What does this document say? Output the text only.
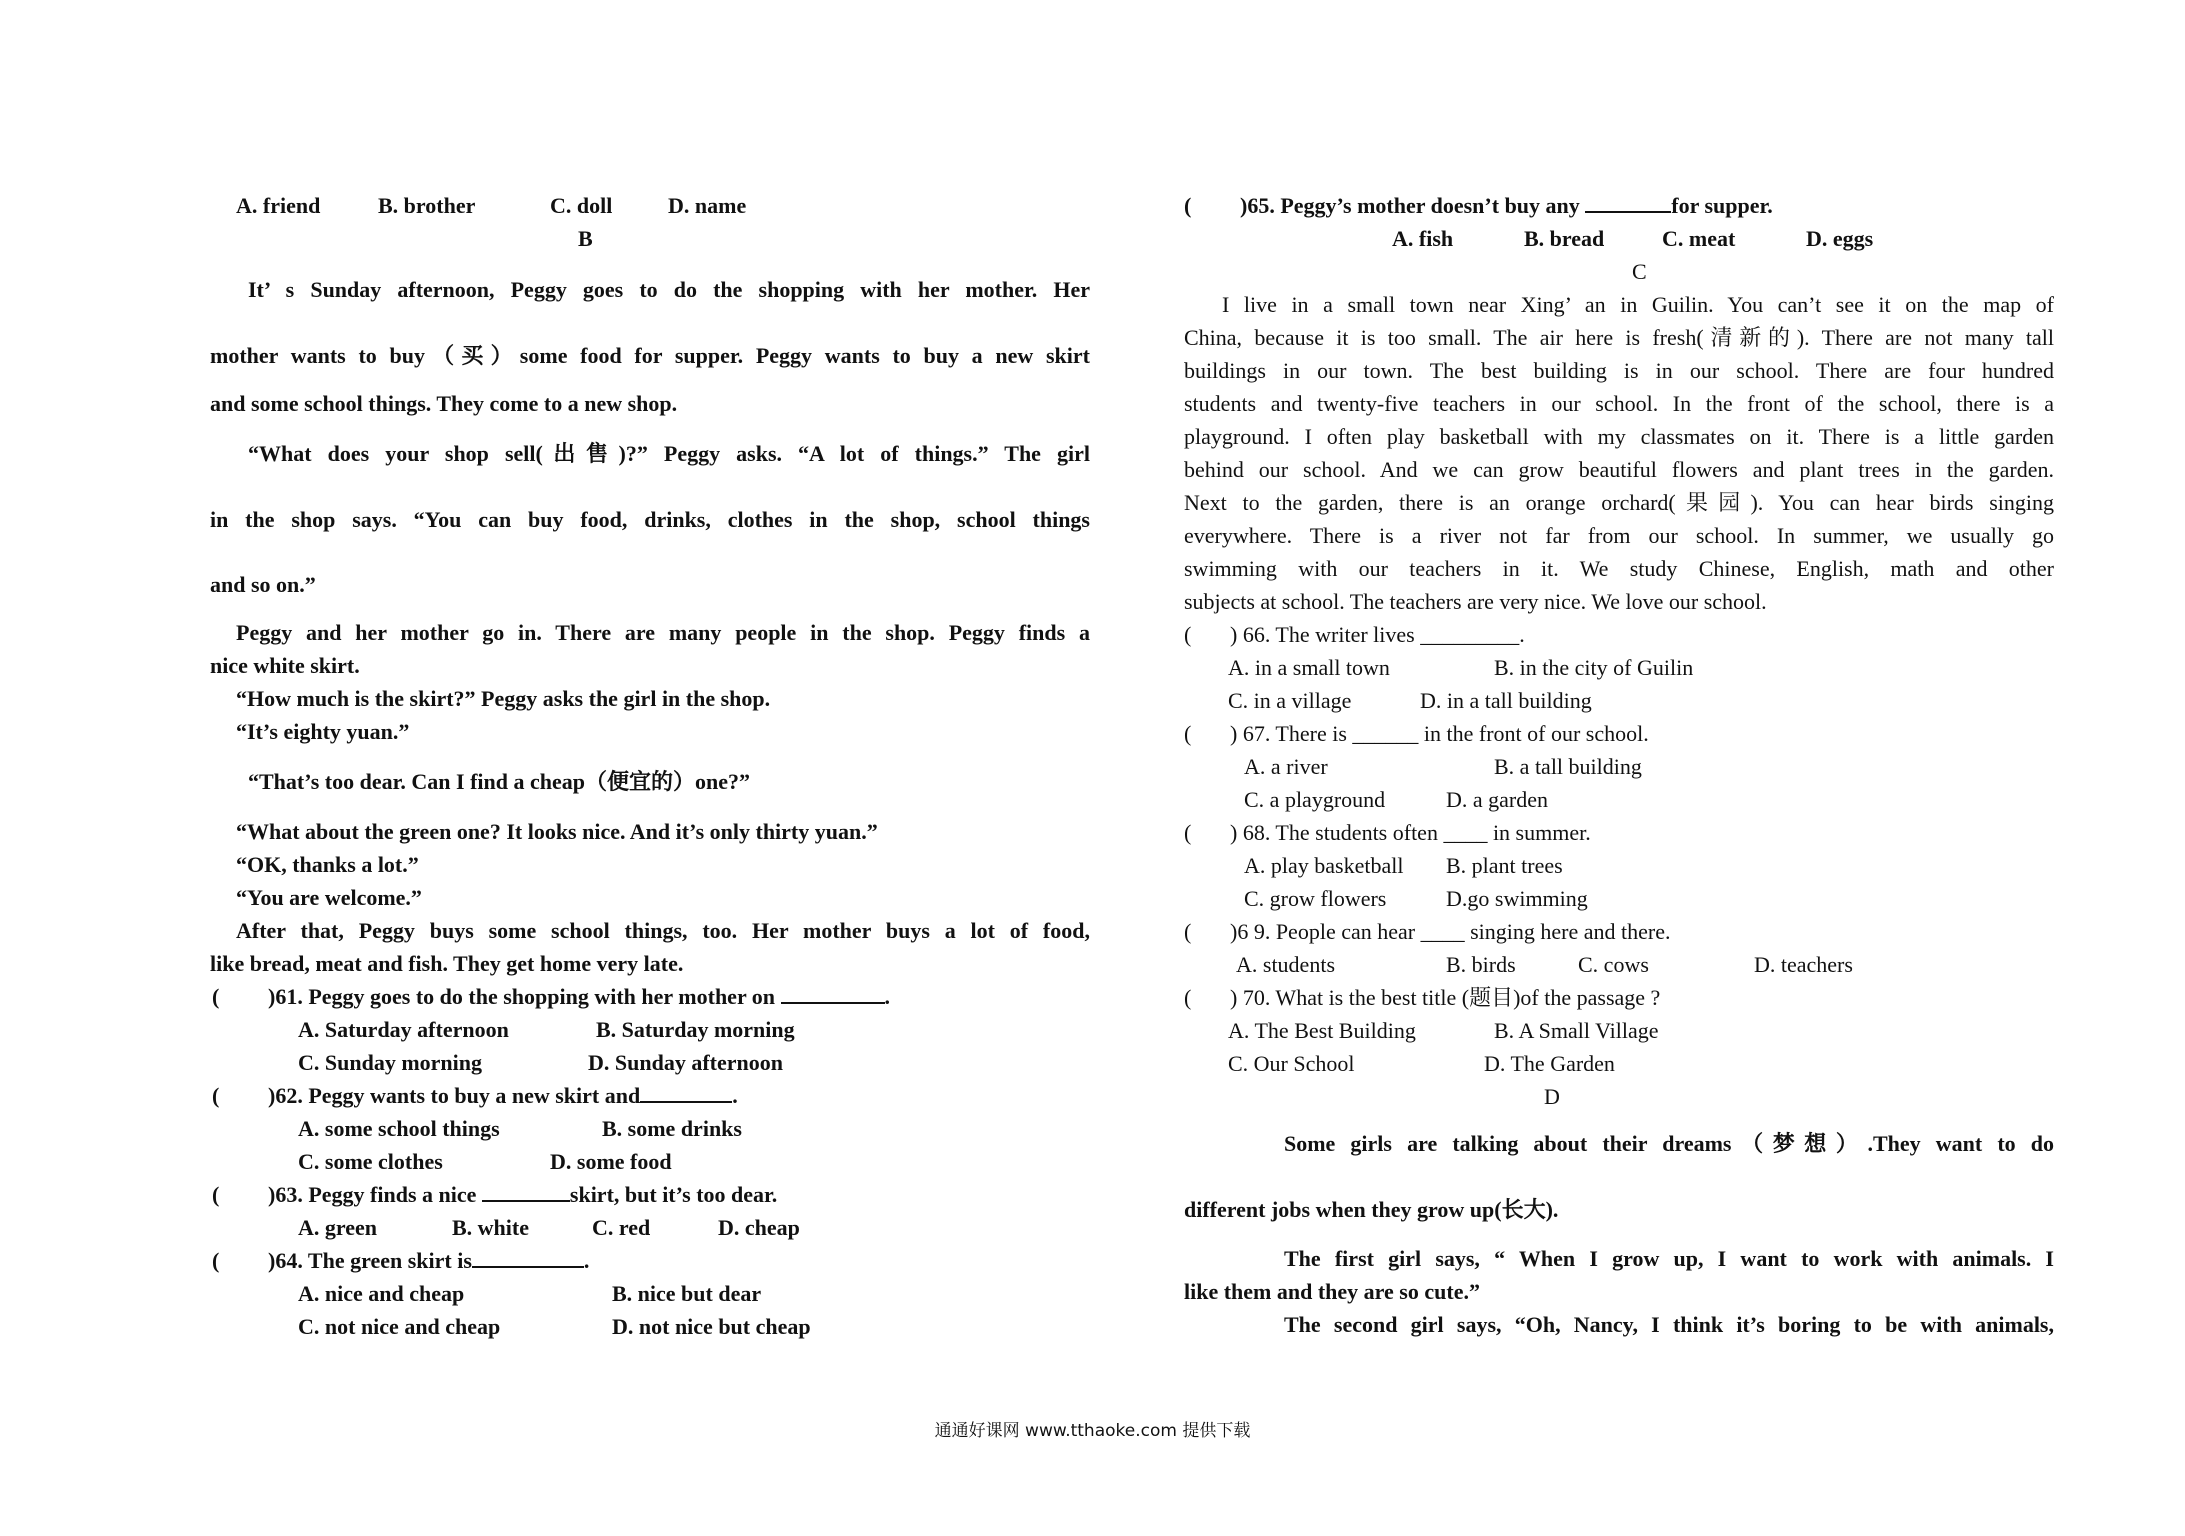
A. friend	B. brother	C. doll	D. name
B
It’ s Sunday afternoon, Peggy goes to do the shopping with her mother. Her
mother wants to buy（买）some food for supper. Peggy wants to buy a new skirt
and some school things. They come to a new shop.
“What does your shop sell(出售)?” Peggy asks. “A lot of things.” The girl
in the shop says. “You can buy food, drinks, clothes in the shop, school things
and so on.”
Peggy and her mother go in. There are many people in the shop. Peggy finds a
nice white skirt.
“How much is the skirt?” Peggy asks the girl in the shop.
“It’s eighty yuan.”
“That’s too dear. Can I find a cheap（便宜的）one?”
“What about the green one? It looks nice. And it’s only thirty yuan.”
“OK, thanks a lot.”
“You are welcome.”
After that, Peggy buys some school things, too. Her mother buys a lot of food,
like bread, meat and fish. They get home very late.
( )61. Peggy goes to do the shopping with her mother on	.
A. Saturday afternoon	B. Saturday morning
C. Sunday morning	D. Sunday afternoon
( )62. Peggy wants to buy a new skirt and	.
A. some school things	B. some drinks
C. some clothes	D. some food
( )63. Peggy finds a nice	skirt, but it’s too dear.
A. green	B. white	C. red	D. cheap
( )64. The green skirt is	.
A. nice and cheap	B. nice but dear
C. not nice and cheap	D. not nice but cheap
( )65. Peggy’s mother doesn’t buy any	for supper.
A. fish	B. bread	C. meat	D. eggs
C
I live in a small town near Xing’ an in Guilin. You can’t see it on the map of
China, because it is too small. The air here is fresh(清新的). There are not many tall
buildings in our town. The best building is in our school. There are four hundred
students and twenty-five teachers in our school. In the front of the school, there is a
playground. I often play basketball with my classmates on it. There is a little garden
behind our school. And we can grow beautiful flowers and plant trees in the garden.
Next to the garden, there is an orange orchard(果园). You can hear birds singing
everywhere. There is a river not far from our school. In summer, we usually go
swimming with our teachers in it. We study Chinese, English, math and other
subjects at school. The teachers are very nice. We love our school.
( ) 66. The writer lives _________.
A. in a small town	B. in the city of Guilin
C. in a village	D. in a tall building
( ) 67. There is ______ in the front of our school.
A. a river	B. a tall building
C. a playground	D. a garden
( ) 68. The students often ____ in summer.
A. play basketball B. plant trees
C. grow flowers	D.go swimming
( )6 9. People can hear ____ singing here and there.
A. students	B. birds	C. cows	D. teachers
( ) 70. What is the best title (题目)of the passage ?
A. The Best Building	B. A Small Village
C. Our School	D. The Garden
D
Some girls are talking about their dreams（梦想）.They want to do
different jobs when they grow up(长大).
The first girl says, “ When I grow up, I want to work with animals. I
like them and they are so cute.”
The second girl says, “Oh, Nancy, I think it’s boring to be with animals,
通通好课网 www.tthaoke.com 提供下载
